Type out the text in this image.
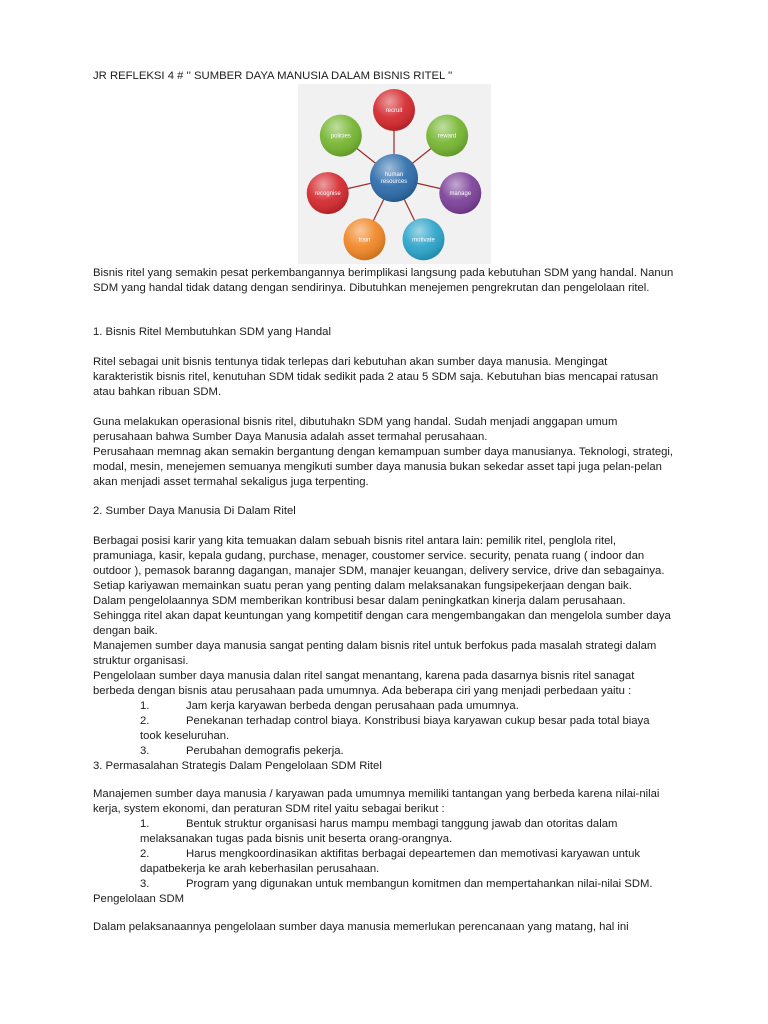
JR REFLEKSI 4 # '' SUMBER DAYA MANUSIA DALAM BISNIS RITEL ''
recruit
reward
manage
motivate
train
recognise
policies
human
resources
Bisnis ritel yang semakin pesat perkembangannya berimplikasi langsung pada kebutuhan SDM yang handal. Nanun
SDM yang handal tidak datang dengan sendirinya. Dibutuhkan menejemen pengrekrutan dan pengelolaan ritel.
1. Bisnis Ritel Membutuhkan SDM yang Handal
Ritel sebagai unit bisnis tentunya tidak terlepas dari kebutuhan akan sumber daya manusia. Mengingat
karakteristik bisnis ritel, kenutuhan SDM tidak sedikit pada 2 atau 5 SDM saja. Kebutuhan bias mencapai ratusan
atau bahkan ribuan SDM.
Guna melakukan operasional bisnis ritel, dibutuhakn SDM yang handal. Sudah menjadi anggapan umum
perusahaan bahwa Sumber Daya Manusia adalah asset termahal perusahaan.
Perusahaan memnag akan semakin bergantung dengan kemampuan sumber daya manusianya. Teknologi, strategi,
modal, mesin, menejemen semuanya mengikuti sumber daya manusia bukan sekedar asset tapi juga pelan-pelan
akan menjadi asset termahal sekaligus juga terpenting.
2. Sumber Daya Manusia Di Dalam Ritel
Berbagai posisi karir yang kita temuakan dalam sebuah bisnis ritel antara lain: pemilik ritel, penglola ritel,
pramuniaga, kasir, kepala gudang, purchase, menager, coustomer service. security, penata ruang ( indoor dan
outdoor ), pemasok baranng dagangan, manajer SDM, manajer keuangan, delivery service, drive dan sebagainya.
Setiap kariyawan memainkan suatu peran yang penting dalam melaksanakan fungsipekerjaan dengan baik.
Dalam pengelolaannya SDM memberikan kontribusi besar dalam peningkatkan kinerja dalam perusahaan.
Sehingga ritel akan dapat keuntungan yang kompetitif dengan cara mengembangakan dan mengelola sumber daya
dengan baik.
Manajemen sumber daya manusia sangat penting dalam bisnis ritel untuk berfokus pada masalah strategi dalam
struktur organisasi.
Pengelolaan sumber daya manusia dalan ritel sangat menantang, karena pada dasarnya bisnis ritel sanagat
berbeda dengan bisnis atau perusahaan pada umumnya. Ada beberapa ciri yang menjadi perbedaan yaitu :
1.	Jam kerja karyawan berbeda dengan perusahaan pada umumnya.
2.	Penekanan terhadap control biaya. Konstribusi biaya karyawan cukup besar pada total biaya
took keseluruhan.
3.	Perubahan demografis pekerja.
3. Permasalahan Strategis Dalam Pengelolaan SDM Ritel
Manajemen sumber daya manusia / karyawan pada umumnya memiliki tantangan yang berbeda karena nilai-nilai
kerja, system ekonomi, dan peraturan SDM ritel yaitu sebagai berikut :
1.	Bentuk struktur organisasi harus mampu membagi tanggung jawab dan otoritas dalam
melaksanakan tugas pada bisnis unit beserta orang-orangnya.
2.	Harus mengkoordinasikan aktifitas berbagai depeartemen dan memotivasi karyawan untuk
dapatbekerja ke arah keberhasilan perusahaan.
3.	Program yang digunakan untuk membangun komitmen dan mempertahankan nilai-nilai SDM.
Pengelolaan SDM
Dalam pelaksanaannya pengelolaan sumber daya manusia memerlukan perencanaan yang matang, hal ini
